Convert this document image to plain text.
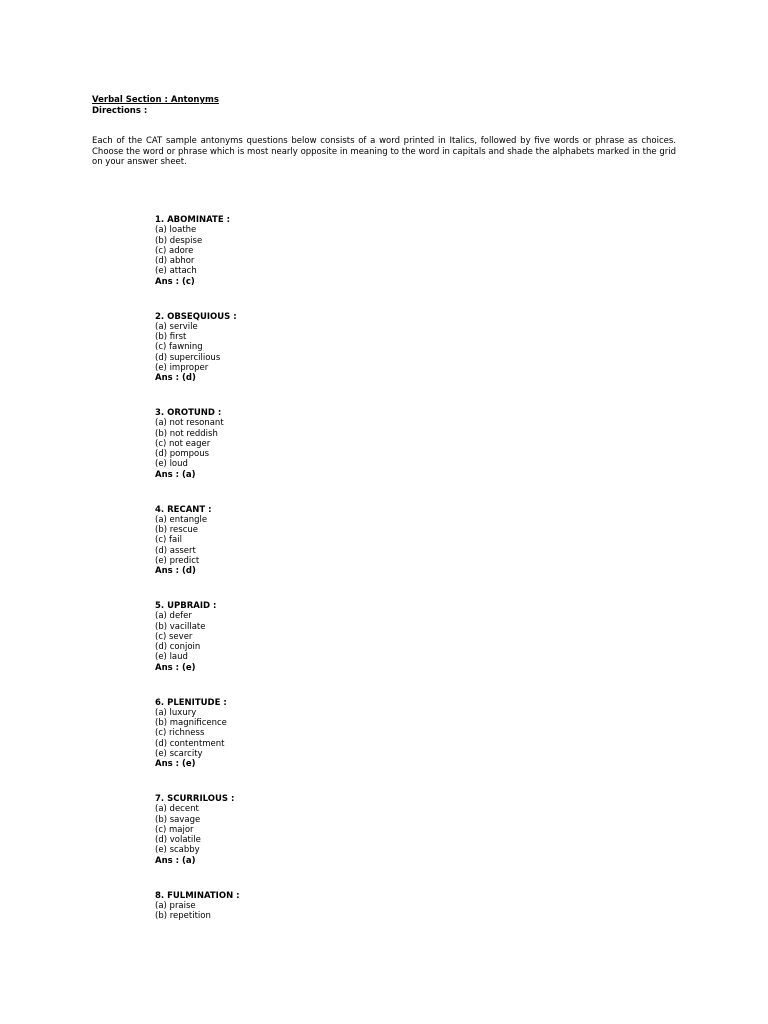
Verbal Section : Antonyms
Directions :
Each of the CAT sample antonyms questions below consists of a word printed in Italics, followed by five words or phrase as choices. Choose the word or phrase which is most nearly opposite in meaning to the word in capitals and shade the alphabets marked in the grid on your answer sheet.
1. ABOMINATE :
(a) loathe
(b) despise
(c) adore
(d) abhor
(e) attach
Ans : (c)
2. OBSEQUIOUS :
(a) servile
(b) first
(c) fawning
(d) supercilious
(e) improper
Ans : (d)
3. OROTUND :
(a) not resonant
(b) not reddish
(c) not eager
(d) pompous
(e) loud
Ans : (a)
4. RECANT :
(a) entangle
(b) rescue
(c) fail
(d) assert
(e) predict
Ans : (d)
5. UPBRAID :
(a) defer
(b) vacillate
(c) sever
(d) conjoin
(e) laud
Ans : (e)
6. PLENITUDE :
(a) luxury
(b) magnificence
(c) richness
(d) contentment
(e) scarcity
Ans : (e)
7. SCURRILOUS :
(a) decent
(b) savage
(c) major
(d) volatile
(e) scabby
Ans : (a)
8. FULMINATION :
(a) praise
(b) repetition
